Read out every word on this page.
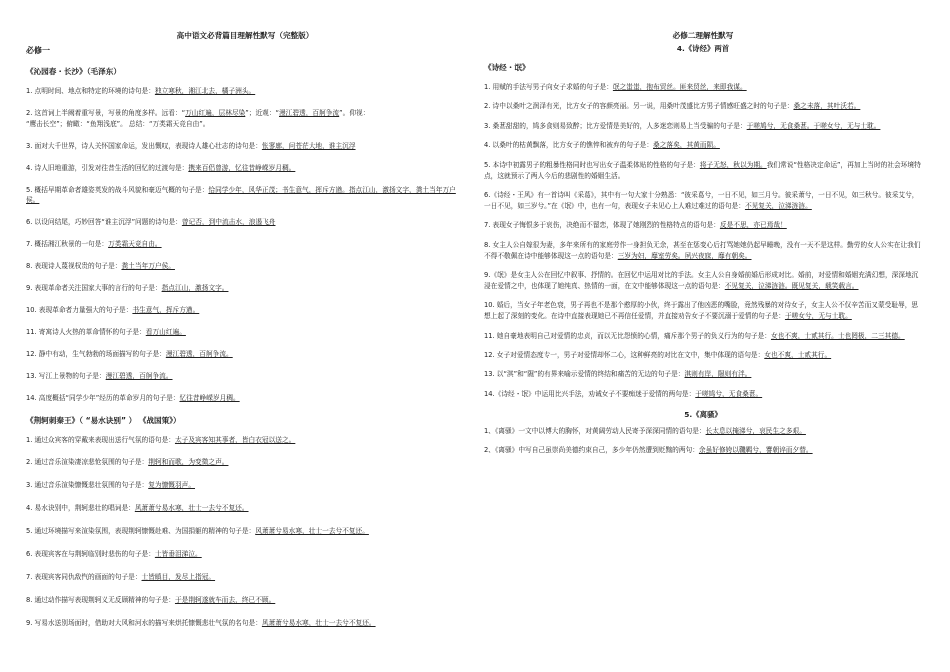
高中语文必背篇目理解性默写（完整版）
必修一
《沁园春・长沙》（毛泽东）

1. 点明时间、地点和特定的环境的诗句是：独立寒秋，湘江北去，橘子洲头。

2. 这首词上半阙着重写景，写景的角度多样。远看：“万山红遍，层林尽染”；近观：“漫江碧透，百舸争流”。仰视：
“鹰击长空”；俯瞰：“鱼翔浅底”。 总结：“万类霜天竞自由”。

3. 面对大千世界，诗人关怀国家命运，发出慨叹，表现诗人雄心壮志的诗句是：怅寥廓，问苍茫大地，谁主沉浮

4. 诗人旧地重游，引发对往昔生活的回忆的过渡句是：携来百侣曾游，忆往昔峥嵘岁月稠。

5. 概括早期革命者雄姿英发的战斗风貌和豪迈气概的句子是：恰同学少年，风华正茂；书生意气，挥斥方遒。指点江山，激扬文字，粪土当年万户侯。

6. 以设问结尾，巧妙回答“谁主沉浮”问题的诗句是：曾记否，到中流击水，浪遏飞舟

7. 概括湘江秋景的一句是：万类霜天竞自由。

8. 表现诗人蔑视权贵的句子是：粪土当年万户侯。

9. 表现革命者关注国家大事的言行的句子是：指点江山，激扬文字。

10. 表现革命者力量强大的句子是：书生意气，挥斥方遒。

11. 寄寓诗人火热的革命情怀的句子是：看万山红遍。

12. 静中有动，生气勃勃的场面描写的句子是：漫江碧透，百舸争流。

13. 写江上景物的句子是：漫江碧透，百舸争流。

14. 高度概括“同学少年”经历的革命岁月的句子是：忆往昔峥嵘岁月稠。

《荆轲刺秦王》（ “易水诀别” ） 《战国策》）

1. 通过众宾客的穿戴来表现出送行气氛的语句是：太子及宾客知其事者，皆白衣冠以送之。

2. 通过音乐渲染凄凉悲怆氛围的句子是：荆轲和而歌，为变徵之声。

3. 通过音乐渲染慷慨悲壮氛围的句子是：复为慷慨羽声。

4. 易水诀别中，荆轲悲壮的唱词是：风萧萧兮易水寒，壮士一去兮不复还。

5. 通过环境描写来渲染氛围，表现荆轲慷慨赴难、为国捐躯的精神的句子是：风萧萧兮易水寒，壮士一去兮不复还。

6. 表现宾客在与荆轲临别时悲伤的句子是：士皆垂泪涕泣。

7. 表现宾客同仇敌忾的画面的句子是：士皆瞋目，发尽上指冠。

8. 通过动作描写表现荆轲义无反顾精神的句子是：于是荆轲遂就车而去，终已不顾。

9. 写易水送别场面时，借助对大风和河水的描写来烘托慷慨悲壮气氛的名句是：风萧萧兮易水寒，壮士一去兮不复还。

必修二理解性默写
4.《诗经》两首
《诗经・氓》

1. 用赋的手法写男子向女子求婚的句子是：氓之蚩蚩，抱布贸丝。匪来贸丝，来即我谋。

2. 诗中以桑叶之润泽有光，比方女子的容颜亮丽。另一说，用桑叶茂盛比方男子情感旺盛之时的句子是：桑之未落，其叶沃若。

3. 桑葚甜甜的，鸠多食则易致醉；比方爱情是美好的，人多迷恋则易上当受骗的句子是：于嗟鸠兮，无食桑葚。于嗟女兮，无与士耽。

4. 以桑叶的枯黄飘落，比方女子的憔悴和被弃的句子是：桑之落矣，其黄而陨。

5. 本诗中初露男子的粗暴性格同时也写出女子温柔体贴的性格的句子是：将子无怒，秋以为期。我们常说“性格决定命运”，再加上当时的社会环境特点，这就预示了两人今后的悲剧性的婚姻生活。

6.《诗经・王风》有一首诗叫《采葛》，其中有一句大家十分熟悉：“彼采葛兮，一日不见，如三月兮。彼采萧兮，一日不见，如三秋兮。彼采艾兮，一日不见，如三岁兮。”在《氓》中，也有一句，表现女子未见心上人难过难过的语句是：不见复关，泣涕涟涟。

7. 表现女子悔恨多于哀伤，决绝而不留恋，体现了她刚烈的性格特点的语句是：反是不思，亦已焉哉！

8. 女主人公自嫁很为妻，多年来所有的家庭劳作一身担负无余，甚至在惩变心后打骂她她仍起早睡晚，没有一天不是这样。勤劳的女人公实在让我们不得不敬佩在诗中能够体现这一点的语句是：三岁为妇，靡室劳矣。夙兴夜寐，靡有朝矣。

9.《氓》是女主人公在回忆中叙事、抒情的。在回忆中运用对比的手法。女主人公自身婚前婚后形成对比。婚前，对爱情和婚姻充满幻想，深深地沉浸在爱情之中，也体现了她纯真、热情的一面，在文中能够体现这一点的语句是：不见复关，泣涕涟涟。既见复关，载笑载言。

10. 婚后，当女子年老色衰，男子再也不是那个憨厚的小伙，终于露出了他凶恶的嘴脸，竟然残暴的对待女子，女主人公不仅辛苦而又蒙受耻辱，思想上起了深刻的变化。在诗中直接表现她已不再信任爱情，并直接劝告女子不要沉溺于爱情的句子是：于嗟女兮，无与士耽。

11. 她自豪地表明自己对爱情的忠贞，而以无比怨愤的心情，痛斥那个男子的负义行为的句子是：女也不爽，士贰其行。士也罔极，二三其德。

12. 女子对爱情态度专一，男子对爱情却怀二心，这种鲜亮的对比在文中，集中体现的语句是：女也不爽，士贰其行。

13. 以“淇”和“隰”的有界来喻示爱情的终结和痛苦的无边的句子是：淇则有岸，隰则有泮。

14.《诗经・氓》中运用比兴手法，劝诫女子不要痴迷于爱情的两句是：于嗟鸠兮，无食桑葚。

5.《离骚》

1、《离骚》一文中以博大的胸怀，对黄阔劳动人民寄予深深同情的语句是：长太息以掩涕兮，哀民生之多艰。

2、《离骚》中写自己虽崇尚美德约束自己，多少年仍然遭到贬黜的两句：余虽好修姱以鞿羁兮，謇朝谇而夕替。
